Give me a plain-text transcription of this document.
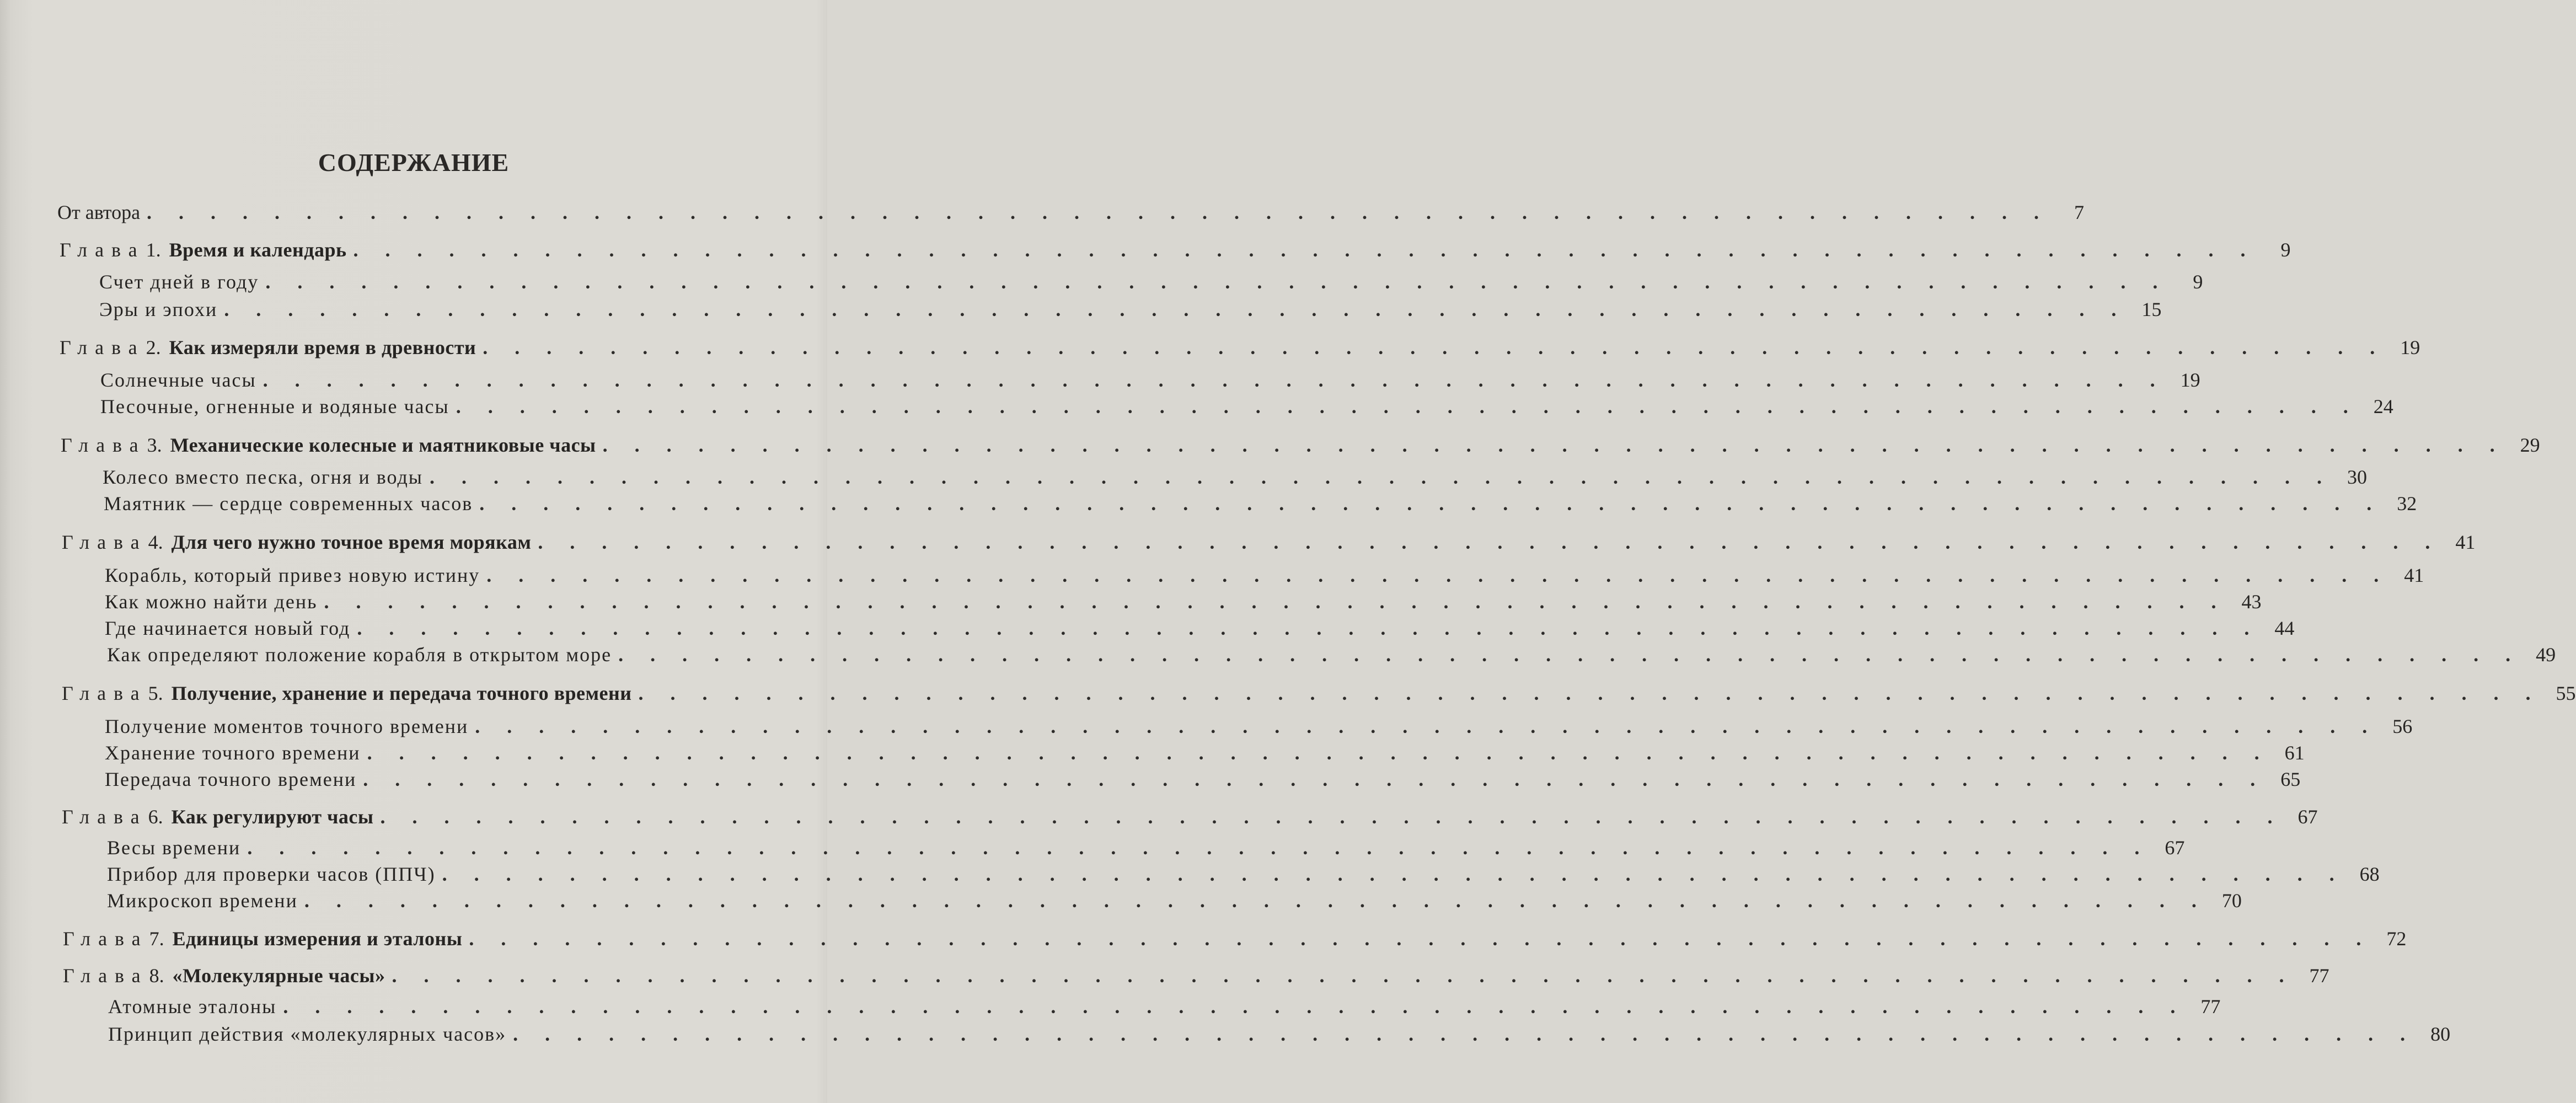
СОДЕРЖАНИЕ
От автора . . . . . . . . . . . . . . . . . . . . . . . . . . . . . . . . . . . . . . . . . . . . . . . . . . . . . . . . . . . .	7
Глава1. Время и календарь . . . . . . . . . . . . . . . . . . . . . . . . . . . . . . . . . . . . . . . . . . . . . . . . . . . . . . . . . . . .	9
Счет дней в году . . . . . . . . . . . . . . . . . . . . . . . . . . . . . . . . . . . . . . . . . . . . . . . . . . . . . . . . . . . .	9
Эры и эпохи . . . . . . . . . . . . . . . . . . . . . . . . . . . . . . . . . . . . . . . . . . . . . . . . . . . . . . . . . . . . 15
Глава2. Как измеряли время в древности . . . . . . . . . . . . . . . . . . . . . . . . . . . . . . . . . . . . . . . . . . . . . . . . . . . . . . . . . . . . 19
Солнечные часы . . . . . . . . . . . . . . . . . . . . . . . . . . . . . . . . . . . . . . . . . . . . . . . . . . . . . . . . . . . . 19
Песочные, огненные и водяные часы . . . . . . . . . . . . . . . . . . . . . . . . . . . . . . . . . . . . . . . . . . . . . . . . . . . . . . . . . . . . 24
Глава3. Механические колесные и маятниковые часы . . . . . . . . . . . . . . . . . . . . . . . . . . . . . . . . . . . . . . . . . . . . . . . . . . . . . . . . . . . . 29
Колесо вместо песка, огня и воды . . . . . . . . . . . . . . . . . . . . . . . . . . . . . . . . . . . . . . . . . . . . . . . . . . . . . . . . . . . . 30
Маятник — сердце современных часов . . . . . . . . . . . . . . . . . . . . . . . . . . . . . . . . . . . . . . . . . . . . . . . . . . . . . . . . . . . . 32
Глава4. Для чего нужно точное время морякам . . . . . . . . . . . . . . . . . . . . . . . . . . . . . . . . . . . . . . . . . . . . . . . . . . . . . . . . . . . . 41
Корабль, который привез новую истину . . . . . . . . . . . . . . . . . . . . . . . . . . . . . . . . . . . . . . . . . . . . . . . . . . . . . . . . . . . . 41
Как можно найти день . . . . . . . . . . . . . . . . . . . . . . . . . . . . . . . . . . . . . . . . . . . . . . . . . . . . . . . . . . . . 43
Где начинается новый год . . . . . . . . . . . . . . . . . . . . . . . . . . . . . . . . . . . . . . . . . . . . . . . . . . . . . . . . . . . . 44
Как определяют положение корабля в открытом море . . . . . . . . . . . . . . . . . . . . . . . . . . . . . . . . . . . . . . . . . . . . . . . . . . . . . . . . . . . . 49
Глава5. Получение, хранение и передача точного времени . . . . . . . . . . . . . . . . . . . . . . . . . . . . . . . . . . . . . . . . . . . . . . . . . . . . . . . . . . . . 55
Получение моментов точного времени . . . . . . . . . . . . . . . . . . . . . . . . . . . . . . . . . . . . . . . . . . . . . . . . . . . . . . . . . . . . 56
Хранение точного времени . . . . . . . . . . . . . . . . . . . . . . . . . . . . . . . . . . . . . . . . . . . . . . . . . . . . . . . . . . . . 61
Передача точного времени . . . . . . . . . . . . . . . . . . . . . . . . . . . . . . . . . . . . . . . . . . . . . . . . . . . . . . . . . . . . 65
Глава6. Как регулируют часы . . . . . . . . . . . . . . . . . . . . . . . . . . . . . . . . . . . . . . . . . . . . . . . . . . . . . . . . . . . . 67
Весы времени . . . . . . . . . . . . . . . . . . . . . . . . . . . . . . . . . . . . . . . . . . . . . . . . . . . . . . . . . . . . 67
Прибор для проверки часов (ППЧ) . . . . . . . . . . . . . . . . . . . . . . . . . . . . . . . . . . . . . . . . . . . . . . . . . . . . . . . . . . . . 68
Микроскоп времени . . . . . . . . . . . . . . . . . . . . . . . . . . . . . . . . . . . . . . . . . . . . . . . . . . . . . . . . . . . . 70
Глава7. Единицы измерения и эталоны . . . . . . . . . . . . . . . . . . . . . . . . . . . . . . . . . . . . . . . . . . . . . . . . . . . . . . . . . . . . 72
Глава8. «Молекулярные часы» . . . . . . . . . . . . . . . . . . . . . . . . . . . . . . . . . . . . . . . . . . . . . . . . . . . . . . . . . . . . 77
Атомные эталоны . . . . . . . . . . . . . . . . . . . . . . . . . . . . . . . . . . . . . . . . . . . . . . . . . . . . . . . . . . . . 77
Принцип действия «молекулярных часов» . . . . . . . . . . . . . . . . . . . . . . . . . . . . . . . . . . . . . . . . . . . . . . . . . . . . . . . . . . . . 80
